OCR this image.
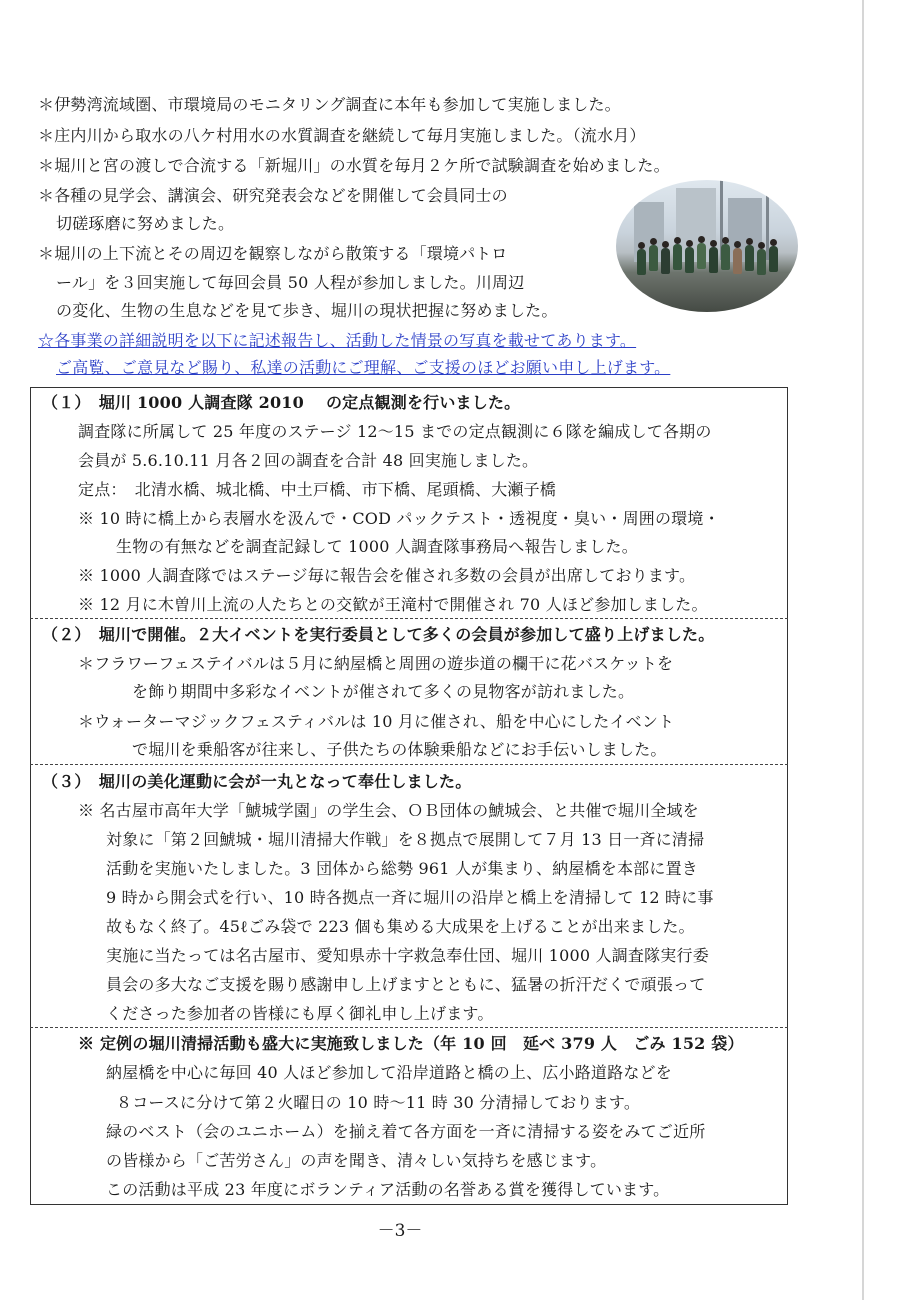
＊伊勢湾流域圏、市環境局のモニタリング調査に本年も参加して実施しました。
＊庄内川から取水の八ケ村用水の水質調査を継続して毎月実施しました。（流水月）
＊堀川と宮の渡しで合流する「新堀川」の水質を毎月２ケ所で試験調査を始めました。
＊各種の見学会、講演会、研究発表会などを開催して会員同士の
切磋琢磨に努めました。
＊堀川の上下流とその周辺を観察しながら散策する「環境パトロ
ール」を３回実施して毎回会員 50 人程が参加しました。川周辺
の変化、生物の生息などを見て歩き、堀川の現状把握に努めました。
☆各事業の詳細説明を以下に記述報告し、活動した情景の写真を載せてあります。
ご高覧、ご意見など賜り、私達の活動にご理解、ご支援のほどお願い申し上げます。
（１）　堀川 1000 人調査隊 2010　 の定点観測を行いました。
調査隊に所属して 25 年度のステージ 12～15 までの定点観測に６隊を編成して各期の
会員が 5.6.10.11 月各２回の調査を合計 48 回実施しました。
定点：　北清水橋、城北橋、中土戸橋、市下橋、尾頭橋、大瀬子橋
※ 10 時に橋上から表層水を汲んで・COD パックテスト・透視度・臭い・周囲の環境・
生物の有無などを調査記録して 1000 人調査隊事務局へ報告しました。
※ 1000 人調査隊ではステージ毎に報告会を催され多数の会員が出席しております。
※ 12 月に木曽川上流の人たちとの交歓が王滝村で開催され 70 人ほど参加しました。
（２）　堀川で開催。２大イベントを実行委員として多くの会員が参加して盛り上げました。
＊フラワーフェステイバルは５月に納屋橋と周囲の遊歩道の欄干に花バスケットを
を飾り期間中多彩なイベントが催されて多くの見物客が訪れました。
＊ウォーターマジックフェスティバルは 10 月に催され、船を中心にしたイベント
で堀川を乗船客が往来し、子供たちの体験乗船などにお手伝いしました。
（３）　堀川の美化運動に会が一丸となって奉仕しました。
※ 名古屋市高年大学「鯱城学園」の学生会、ＯＢ団体の鯱城会、と共催で堀川全域を
対象に「第２回鯱城・堀川清掃大作戦」を８拠点で展開して７月 13 日一斉に清掃
活動を実施いたしました。3 団体から総勢 961 人が集まり、納屋橋を本部に置き
9 時から開会式を行い、10 時各拠点一斉に堀川の沿岸と橋上を清掃して 12 時に事
故もなく終了。45ℓごみ袋で 223 個も集める大成果を上げることが出来ました。
実施に当たっては名古屋市、愛知県赤十字救急奉仕団、堀川 1000 人調査隊実行委
員会の多大なご支援を賜り感謝申し上げますとともに、猛暑の折汗だくで頑張って
くださった参加者の皆様にも厚く御礼申し上げます。
※ 定例の堀川清掃活動も盛大に実施致しました（年 10 回　延べ 379 人　ごみ 152 袋）
納屋橋を中心に毎回 40 人ほど参加して沿岸道路と橋の上、広小路道路などを
８コースに分けて第２火曜日の 10 時～11 時 30 分清掃しております。
緑のベスト（会のユニホーム）を揃え着て各方面を一斉に清掃する姿をみてご近所
の皆様から「ご苦労さん」の声を聞き、清々しい気持ちを感じます。
この活動は平成 23 年度にボランティア活動の名誉ある賞を獲得しています。
－3－
